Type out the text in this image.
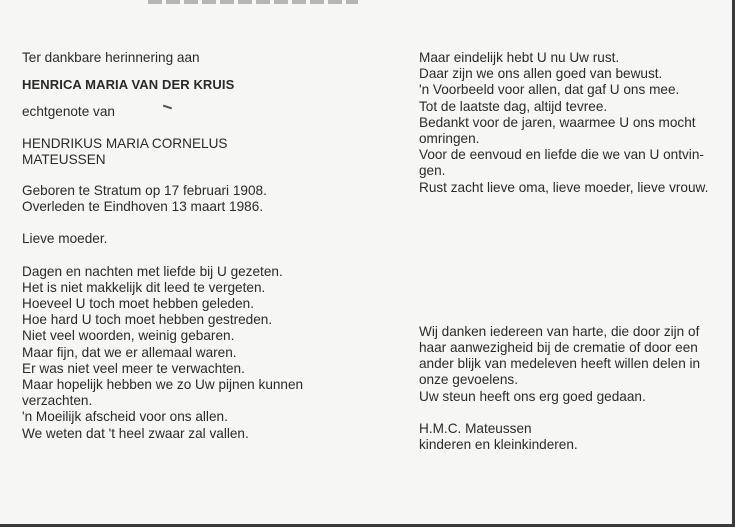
Ter dankbare herinnering aan
HENRICA MARIA VAN DER KRUIS
echtgenote van
HENDRIKUS MARIA CORNELUS
MATEUSSEN
Geboren te Stratum op 17 februari 1908.
Overleden te Eindhoven 13 maart 1986.
Lieve moeder.
Dagen en nachten met liefde bij U gezeten.
Het is niet makkelijk dit leed te vergeten.
Hoeveel U toch moet hebben geleden.
Hoe hard U toch moet hebben gestreden.
Niet veel woorden, weinig gebaren.
Maar fijn, dat we er allemaal waren.
Er was niet veel meer te verwachten.
Maar hopelijk hebben we zo Uw pijnen kunnen
verzachten.
'n Moeilijk afscheid voor ons allen.
We weten dat 't heel zwaar zal vallen.
Maar eindelijk hebt U nu Uw rust.
Daar zijn we ons allen goed van bewust.
'n Voorbeeld voor allen, dat gaf U ons mee.
Tot de laatste dag, altijd tevree.
Bedankt voor de jaren, waarmee U ons mocht
omringen.
Voor de eenvoud en liefde die we van U ontvin-
gen.
Rust zacht lieve oma, lieve moeder, lieve vrouw.
Wij danken iedereen van harte, die door zijn of
haar aanwezigheid bij de crematie of door een
ander blijk van medeleven heeft willen delen in
onze gevoelens.
Uw steun heeft ons erg goed gedaan.
H.M.C. Mateussen
kinderen en kleinkinderen.
